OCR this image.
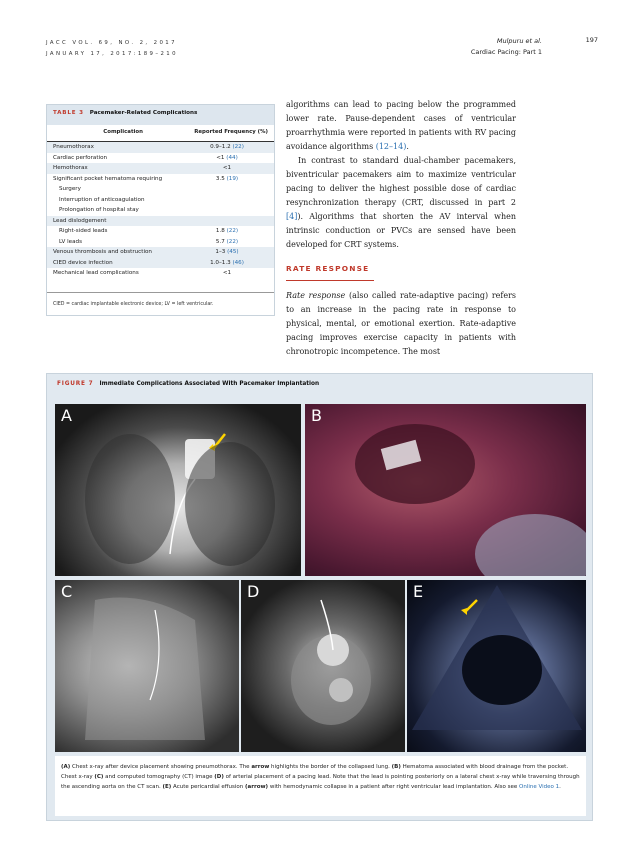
JACC VOL. 69, NO. 2, 2017
JANUARY 17, 2017:189–210
Mulpuru et al.
Cardiac Pacing: Part 1
197
TABLE 3 Pacemaker-Related Complications
Complication	Reported Frequency (%)
Pneumothorax	0.9–1.2 (22)
Cardiac perforation	<1 (44)
Hemothorax	<1
Significant pocket hematoma requiring	3.5 (19)
Surgery
Interruption of anticoagulation
Prolongation of hospital stay
Lead dislodgement
Right-sided leads	1.8 (22)
LV leads	5.7 (22)
Venous thrombosis and obstruction	1–3 (45)
CIED device infection	1.0–1.3 (46)
Mechanical lead complications	<1
CIED = cardiac implantable electronic device; LV = left ventricular.

algorithms can lead to pacing below the programmed lower rate. Pause-dependent cases of ventricular proarrhythmia were reported in patients with RV pacing avoidance algorithms (12–14).

In contrast to standard dual-chamber pacemakers, biventricular pacemakers aim to maximize ventricular pacing to deliver the highest possible dose of cardiac resynchronization therapy (CRT, discussed in part 2 [4]). Algorithms that shorten the AV interval when intrinsic conduction or PVCs are sensed have been developed for CRT systems.

RATE RESPONSE

Rate response (also called rate-adaptive pacing) refers to an increase in the pacing rate in response to physical, mental, or emotional exertion. Rate-adaptive pacing improves exercise capacity in patients with chronotropic incompetence. The most

FIGURE 7 Immediate Complications Associated With Pacemaker Implantation
A	B
C	D	E
(A) Chest x-ray after device placement showing pneumothorax. The arrow highlights the border of the collapsed lung. (B) Hematoma associated with blood drainage from the pocket. Chest x-ray (C) and computed tomography (CT) image (D) of arterial placement of a pacing lead. Note that the lead is pointing posteriorly on a lateral chest x-ray while traversing through the ascending aorta on the CT scan. (E) Acute pericardial effusion (arrow) with hemodynamic collapse in a patient after right ventricular lead implantation. Also see Online Video 1.
